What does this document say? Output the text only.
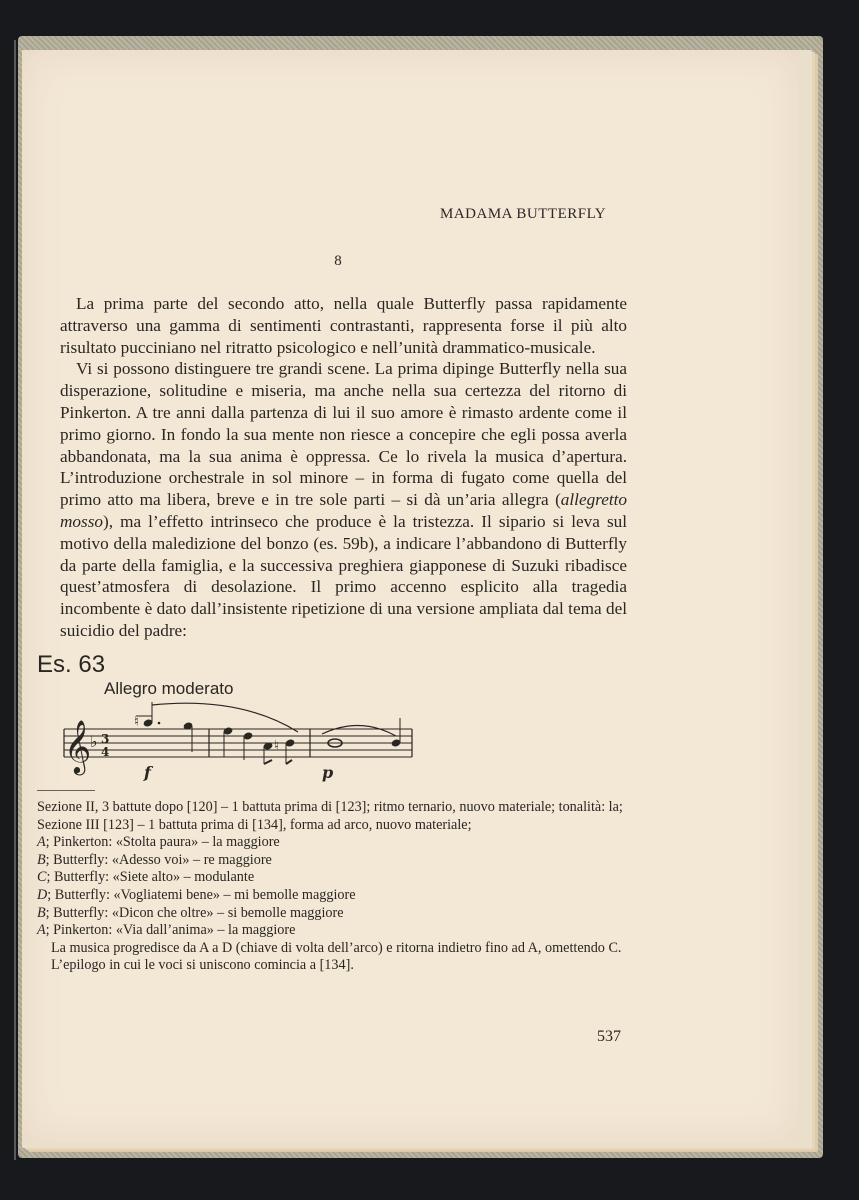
MADAMA BUTTERFLY
8

La prima parte del secondo atto, nella quale Butterfly passa rapidamente attraverso una gamma di sentimenti contrastanti, rappresenta forse il più alto risultato pucciniano nel ritratto psicologico e nell’unità drammatico-musicale.

Vi si possono distinguere tre grandi scene. La prima dipinge Butterfly nella sua disperazione, solitudine e miseria, ma anche nella sua certezza del ritorno di Pinkerton. A tre anni dalla partenza di lui il suo amore è rimasto ardente come il primo giorno. In fondo la sua mente non riesce a concepire che egli possa averla abbandonata, ma la sua anima è oppressa. Ce lo rivela la musica d’apertura. L’introduzione orchestrale in sol minore – in forma di fugato come quella del primo atto ma libera, breve e in tre sole parti – si dà un’aria allegra (allegretto mosso), ma l’effetto intrinseco che produce è la tristezza. Il sipario si leva sul motivo della maledizione del bonzo (es. 59b), a indicare l’abbandono di Butterfly da parte della famiglia, e la successiva preghiera giapponese di Suzuki ribadisce quest’atmosfera di desolazione. Il primo accenno esplicito alla tragedia incombente è dato dall’insistente ripetizione di una versione ampliata dal tema del suicidio del padre:

Es. 63
Allegro moderato
𝄞
♭ 3
4
♮
♮
f	p

Sezione II, 3 battute dopo [120] – 1 battuta prima di [123]; ritmo ternario, nuovo materiale; tonalità: la;

Sezione III [123] – 1 battuta prima di [134], forma ad arco, nuovo materiale;

A; Pinkerton: «Stolta paura» – la maggiore

B; Butterfly: «Adesso voi» – re maggiore

C; Butterfly: «Siete alto» – modulante

D; Butterfly: «Vogliatemi bene» – mi bemolle maggiore

B; Butterfly: «Dicon che oltre» – si bemolle maggiore

A; Pinkerton: «Via dall’anima» – la maggiore

La musica progredisce da A a D (chiave di volta dell’arco) e ritorna indietro fino ad A, omettendo C.

L’epilogo in cui le voci si uniscono comincia a [134].

537
